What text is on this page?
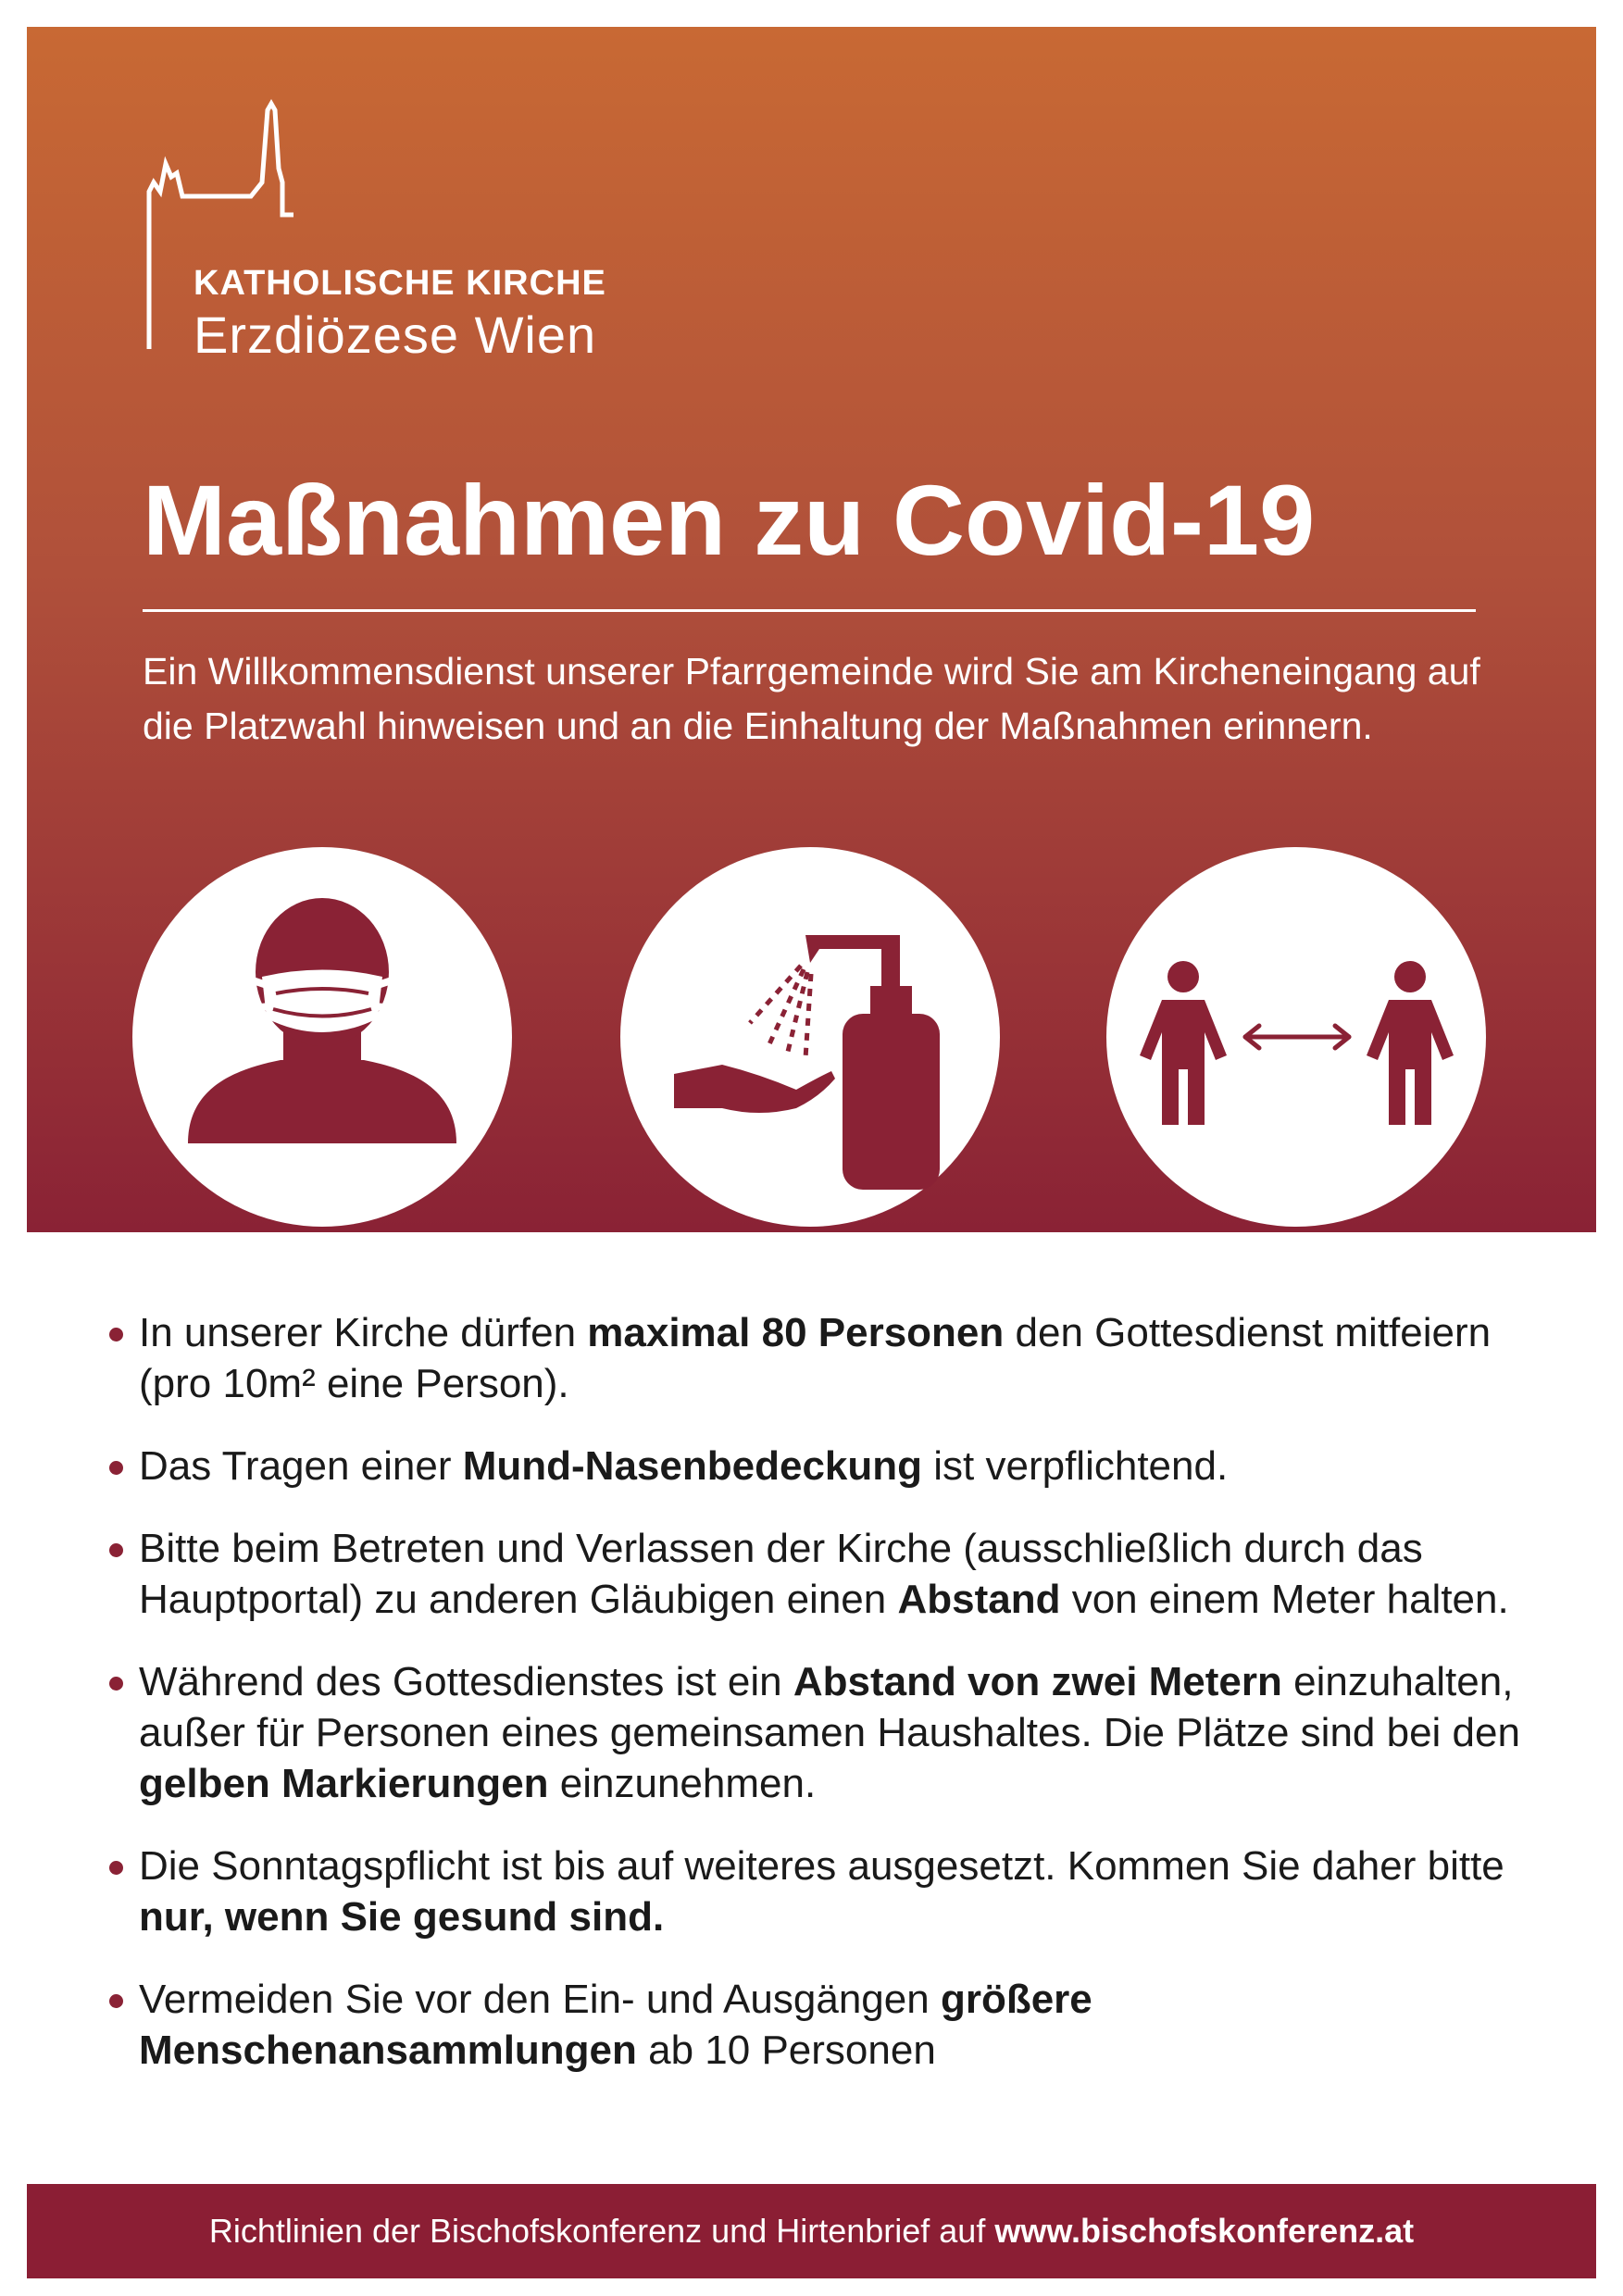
KATHOLISCHE KIRCHE
Erzdiözese Wien
Maßnahmen zu Covid-19
Ein Willkommensdienst unserer Pfarrgemeinde wird Sie am Kircheneingang auf die Platzwahl hinweisen und an die Einhaltung der Maßnahmen erinnern.
In unserer Kirche dürfen maximal 80 Personen den Gottesdienst mitfeiern (pro 10m² eine Person).
Das Tragen einer Mund-Nasenbedeckung ist verpflichtend.
Bitte beim Betreten und Verlassen der Kirche (ausschließlich durch das Hauptportal) zu anderen Gläubigen einen Abstand von einem Meter halten.
Während des Gottesdienstes ist ein Abstand von zwei Metern einzuhalten, außer für Personen eines gemeinsamen Haushaltes. Die Plätze sind bei den gelben Markierungen einzunehmen.
Die Sonntagspflicht ist bis auf weiteres ausgesetzt. Kommen Sie daher bitte nur, wenn Sie gesund sind.
Vermeiden Sie vor den Ein- und Ausgängen größere Menschenansammlungen ab 10 Personen
Richtlinien der Bischofskonferenz und Hirtenbrief auf www.bischofskonferenz.at
